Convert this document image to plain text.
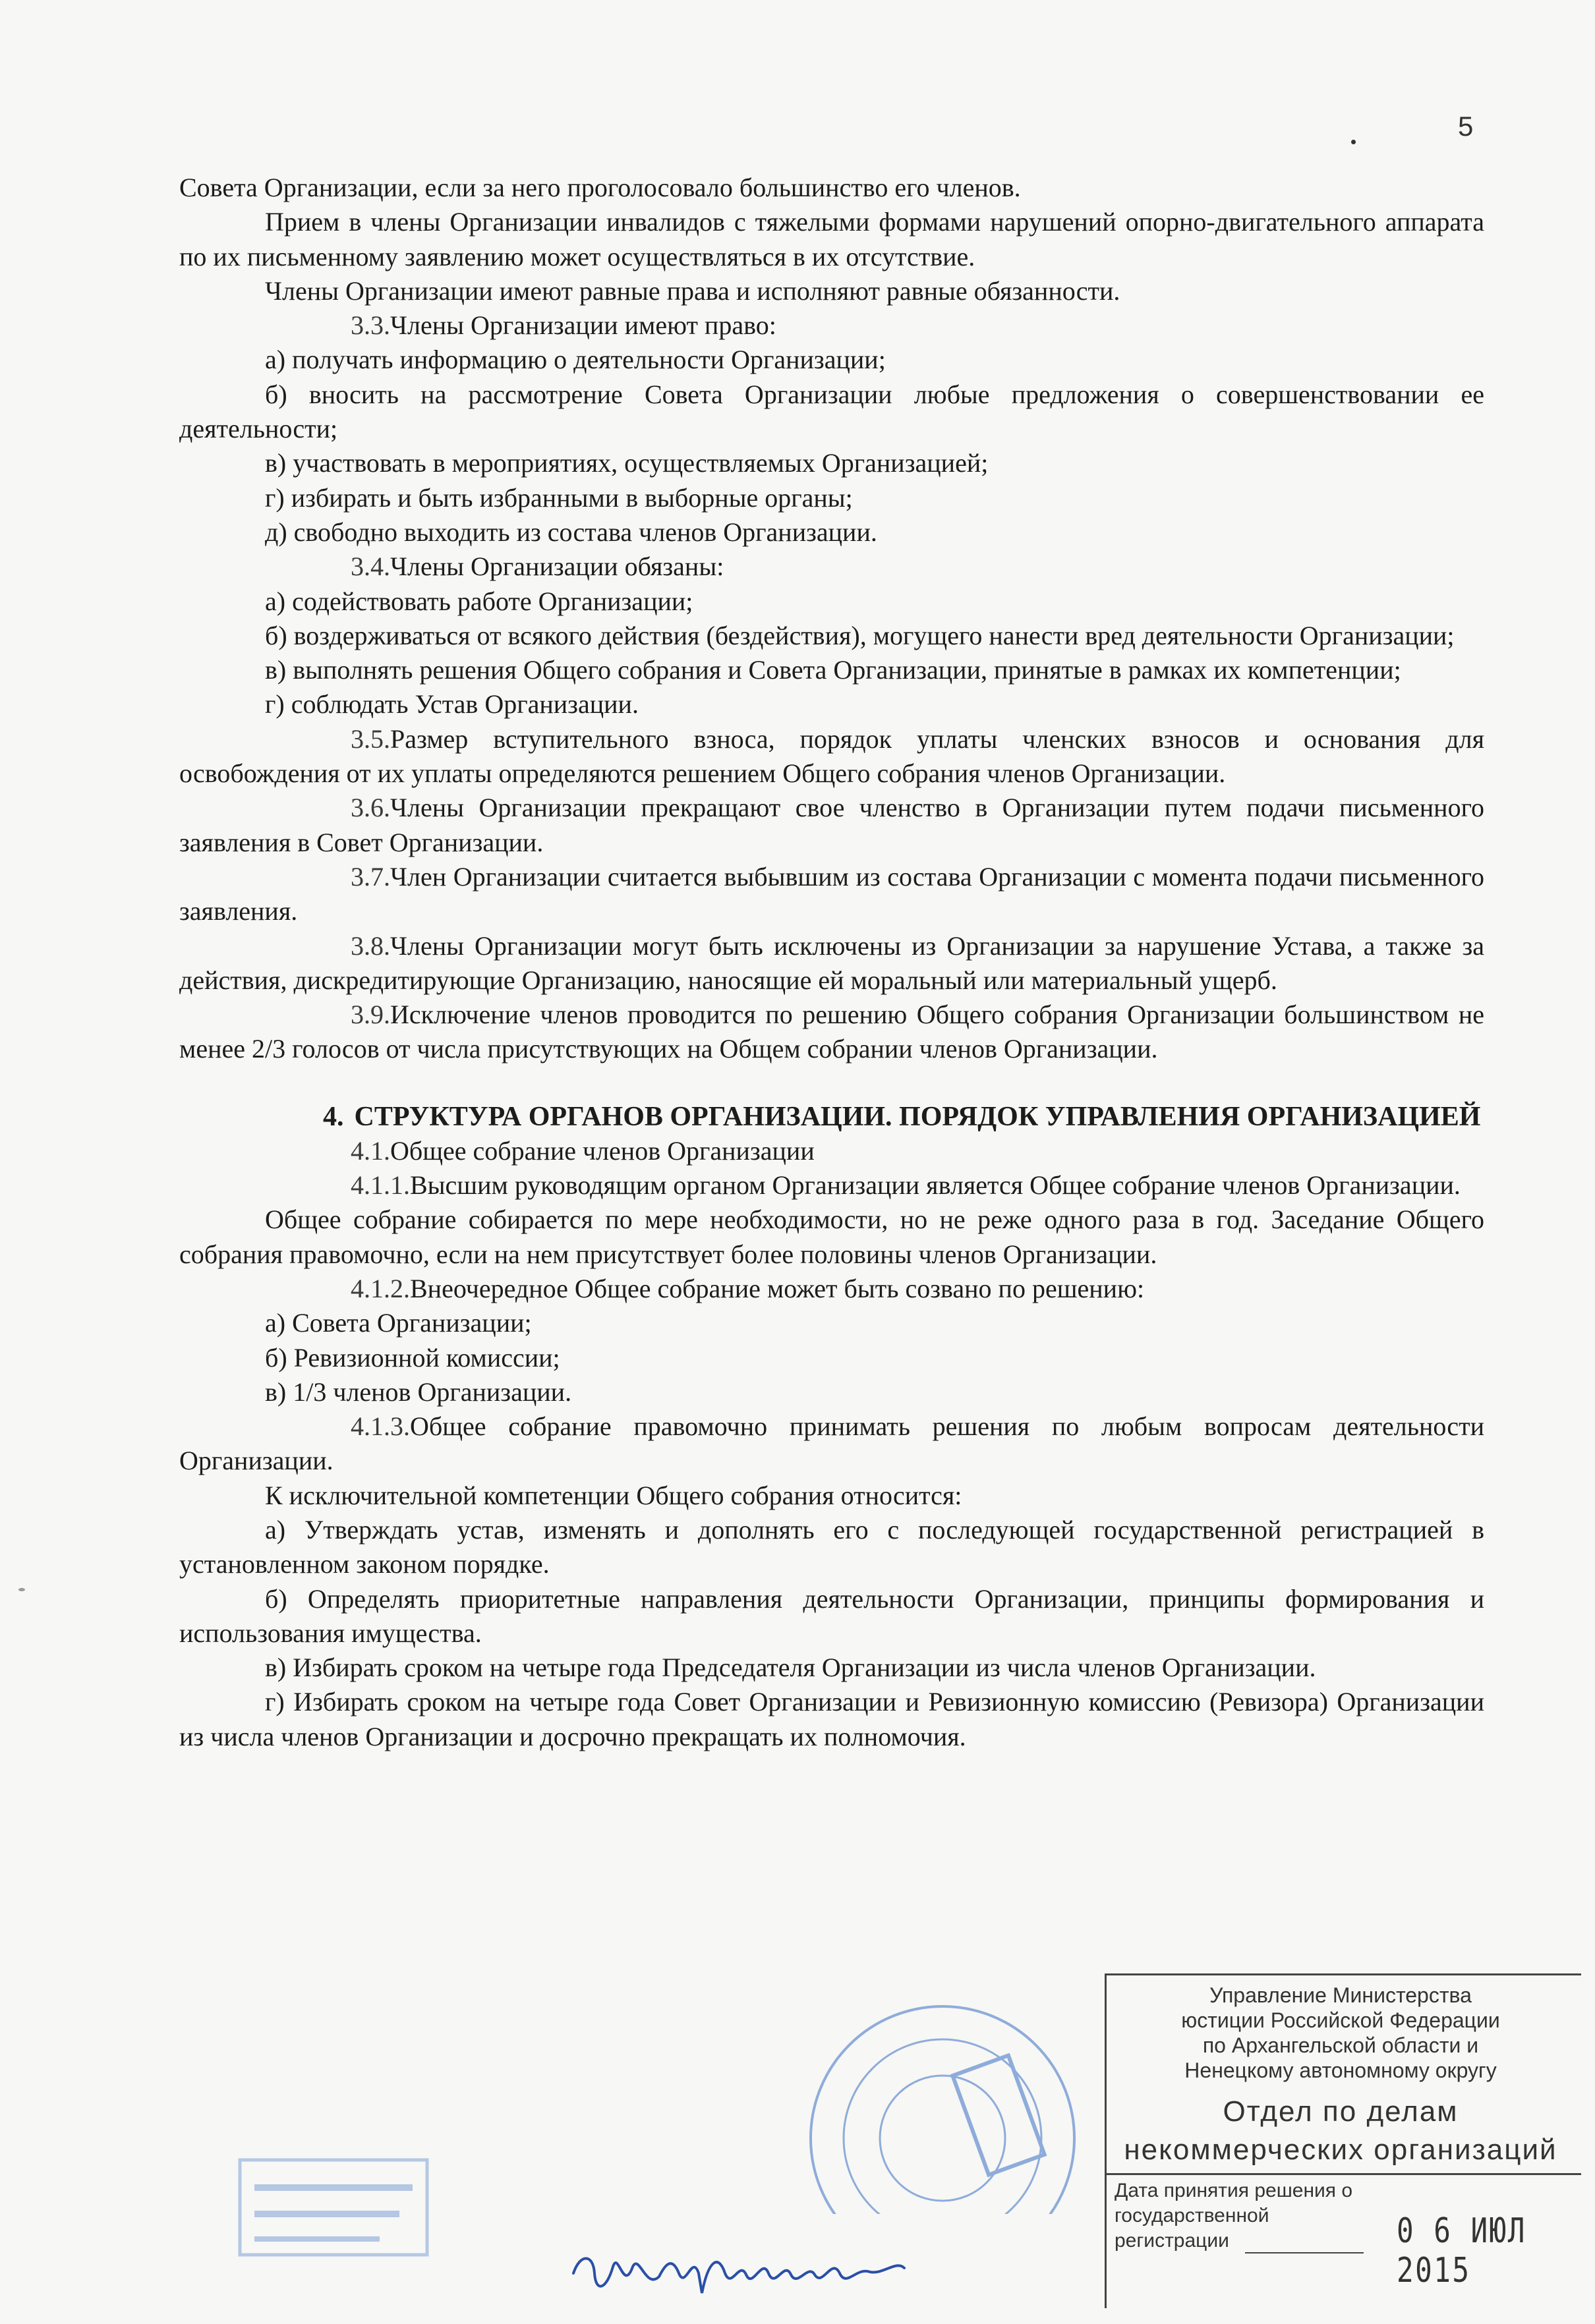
5

Совета Организации, если за него проголосовало большинство его членов.

Прием в члены Организации инвалидов с тяжелыми формами нарушений опорно-двигательного аппарата по их письменному заявлению может осуществляться в их отсутствие.

Члены Организации имеют равные права и исполняют равные обязанности.

3.3.Члены Организации имеют право:

а) получать информацию о деятельности Организации;

б) вносить на рассмотрение Совета Организации любые предложения о совершенствовании ее деятельности;

в) участвовать в мероприятиях, осуществляемых Организацией;

г) избирать и быть избранными в выборные органы;

д) свободно выходить из состава членов Организации.

3.4.Члены Организации обязаны:

а) содействовать работе Организации;

б) воздерживаться от всякого действия (бездействия), могущего нанести вред деятельности Организации;

в) выполнять решения Общего собрания и Совета Организации, принятые в рамках их компетенции;

г) соблюдать Устав Организации.

3.5.Размер вступительного взноса, порядок уплаты членских взносов и основания для освобождения от их уплаты определяются решением Общего собрания членов Организации.

3.6.Члены Организации прекращают свое членство в Организации путем подачи письменного заявления в Совет Организации.

3.7.Член Организации считается выбывшим из состава Организации с момента подачи письменного заявления.

3.8.Члены Организации могут быть исключены из Организации за нарушение Устава, а также за действия, дискредитирующие Организацию, наносящие ей моральный или материальный ущерб.

3.9.Исключение членов проводится по решению Общего собрания Организации большинством не менее 2/3 голосов от числа присутствующих на Общем собрании членов Организации.

4. СТРУКТУРА ОРГАНОВ ОРГАНИЗАЦИИ. ПОРЯДОК УПРАВЛЕНИЯ ОРГАНИЗАЦИЕЙ

4.1.Общее собрание членов Организации

4.1.1.Высшим руководящим органом Организации является Общее собрание членов Организации.

Общее собрание собирается по мере необходимости, но не реже одного раза в год. Заседание Общего собрания правомочно, если на нем присутствует более половины членов Организации.

4.1.2.Внеочередное Общее собрание может быть созвано по решению:

а) Совета Организации;

б) Ревизионной комиссии;

в) 1/3 членов Организации.

4.1.3.Общее собрание правомочно принимать решения по любым вопросам деятельности Организации.

К исключительной компетенции Общего собрания относится:

а) Утверждать устав, изменять и дополнять его с последующей государственной регистрацией в установленном законом порядке.

б) Определять приоритетные направления деятельности Организации, принципы формирования и использования имущества.

в) Избирать сроком на четыре года Председателя Организации из числа членов Организации.

г) Избирать сроком на четыре года Совет Организации и Ревизионную комиссию (Ревизора) Организации из числа членов Организации и досрочно прекращать их полномочия.

Управление Министерства
юстиции Российской Федерации
по Архангельской области и
Ненецкому автономному округу
Отдел по делам
некоммерческих организаций
Дата принятия решения о
государственной
регистрации	0 6 ИЮЛ 2015
